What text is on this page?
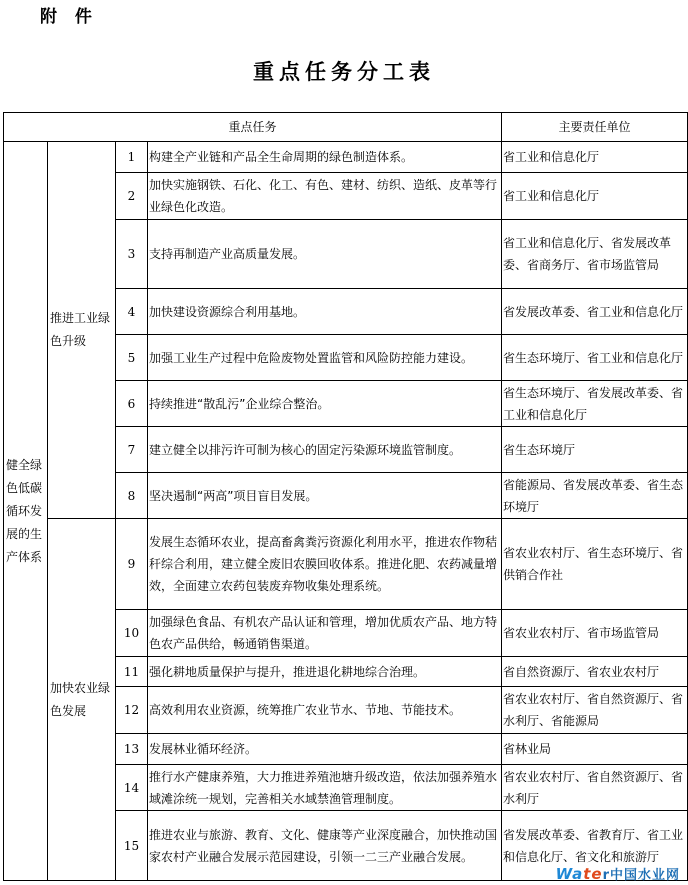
附 件
重点任务分工表
重点任务				主要责任单位
健全绿色低碳循环发展的生产体系	推进工业绿色升级	1	构建全产业链和产品全生命周期的绿色制造体系。	省工业和信息化厅
		2	加快实施钢铁、石化、化工、有色、建材、纺织、造纸、皮革等行业绿色化改造。	省工业和信息化厅
		3	支持再制造产业高质量发展。	省工业和信息化厅、省发展改革委、省商务厅、省市场监管局
		4	加快建设资源综合利用基地。	省发展改革委、省工业和信息化厅
		5	加强工业生产过程中危险废物处置监管和风险防控能力建设。	省生态环境厅、省工业和信息化厅
		6	持续推进“散乱污”企业综合整治。	省生态环境厅、省发展改革委、省工业和信息化厅
		7	建立健全以排污许可制为核心的固定污染源环境监管制度。	省生态环境厅
		8	坚决遏制“两高”项目盲目发展。	省能源局、省发展改革委、省生态环境厅
	加快农业绿色发展	9	发展生态循环农业，提高畜禽粪污资源化利用水平，推进农作物秸秆综合利用，建立健全废旧农膜回收体系。推进化肥、农药减量增效，全面建立农药包装废弃物收集处理系统。	省农业农村厅、省生态环境厅、省供销合作社
		10	加强绿色食品、有机农产品认证和管理，增加优质农产品、地方特色农产品供给，畅通销售渠道。	省农业农村厅、省市场监管局
		11	强化耕地质量保护与提升，推进退化耕地综合治理。	省自然资源厅、省农业农村厅
		12	高效利用农业资源，统筹推广农业节水、节地、节能技术。	省农业农村厅、省自然资源厅、省水利厅、省能源局
		13	发展林业循环经济。	省林业局
		14	推行水产健康养殖，大力推进养殖池塘升级改造，依法加强养殖水域滩涂统一规划，完善相关水域禁渔管理制度。	省农业农村厅、省自然资源厅、省水利厅
		15	推进农业与旅游、教育、文化、健康等产业深度融合，加快推动国家农村产业融合发展示范园建设，引领一二三产业融合发展。	省发展改革委、省教育厅、省工业和信息化厅、省文化和旅游厅
Water中国水业网
